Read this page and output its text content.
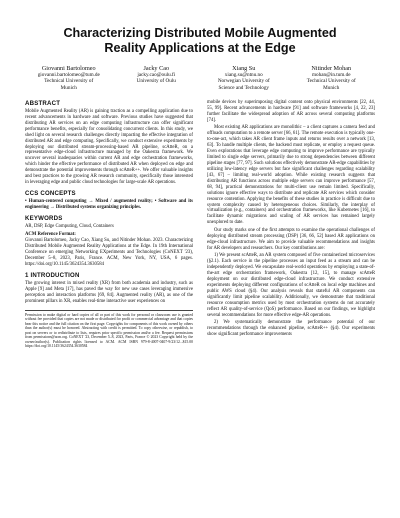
Characterizing Distributed Mobile Augmented Reality Applications at the Edge
Giovanni Bartolomeo
giovanni.bartolomeo@tum.de
Technical University of
Munich
Jacky Cao
jacky.cao@oulu.fi
University of Oulu
Xiang Su
xiang.su@ntnu.no
Norwegian University of
Science and Technology
Nitinder Mohan
mohan@in.tum.de
Technical University of
Munich
ABSTRACT

Mobile Augmented Reality (AR) is gaining traction as a compelling application due to recent advancements in hardware and software. Previous studies have suggested that distributing AR services on an edge computing infrastructure can offer significant performance benefits, especially for consolidating concurrent clients. In this study, we shed light on several research challenges directly impacting the effective integration of distributed AR and edge computing. Specifically, we conduct extensive experiments by deploying our distributed stream-processing-based AR pipeline, scAtteR, on a representative edge-cloud infrastructure managed by the Oakestra framework. We uncover several inadequacies within current AR and edge orchestration frameworks, which hinder the effective performance of distributed AR when deployed on edge and demonstrate the potential improvements through scAtteR++. We offer valuable insights and best practices to the growing AR research community, specifically those interested in leveraging edge and public cloud technologies for large-scale AR operations.

CCS CONCEPTS

• Human-centered computing → Mixed / augmented reality; • Software and its engineering → Distributed systems organizing principles.

KEYWORDS

AR, DSP, Edge Computing, Cloud, Containers

ACM Reference Format:

Giovanni Bartolomeo, Jacky Cao, Xiang Su, and Nitinder Mohan. 2023. Characterizing Distributed Mobile Augmented Reality Applications at the Edge. In 19th International Conference on emerging Networking EXperiments and Technologies (CoNEXT '23), December 5–8, 2023, Paris, France. ACM, New York, NY, USA, 6 pages. https://doi.org/10.1145/3624354.3630584

1 INTRODUCTION

The growing interest in mixed reality (XR) from both academia and industry, such as Apple [9] and Meta [17], has paved the way for new use cases leveraging immersive perception and interaction platforms [69, 84]. Augmented reality (AR), as one of the prominent pillars in XR, enables real-time interactive user experiences on

Permission to make digital or hard copies of all or part of this work for personal or classroom use is granted without fee provided that copies are not made or distributed for profit or commercial advantage and that copies bear this notice and the full citation on the first page. Copyrights for components of this work owned by others than the author(s) must be honored. Abstracting with credit is permitted. To copy otherwise, or republish, to post on servers or to redistribute to lists, requires prior specific permission and/or a fee. Request permissions from permissions@acm.org. CoNEXT '23, December 5–8, 2023, Paris, France © 2023 Copyright held by the owner/author(s). Publication rights licensed to ACM. ACM ISBN 979-8-4007-0407-9/23/12...$15.00 https://doi.org/10.1145/3624354.3630584

mobile devices by superimposing digital content onto physical environments [22, 44, 55, 99]. Recent advancements in hardware [91] and software frameworks [4, 22, 23] further facilitate the widespread adoption of AR across several computing platforms [74].

Most existing AR applications are monolithic – a client captures a camera feed and offloads computation to a remote server [66, 61]. The remote execution is typically one-to-one-act, which takes AR client frame inputs and returns results over a network [13, 63]. To handle multiple clients, the backend must replicate, or employ a request queue. Even explorations that leverage edge computing to improve performance are typically limited to single edge servers, primarily due to strong dependencies between different pipeline stages [77, 97]. Such solutions effectively demonstrate AR-edge capabilities by utilizing low-latency edge servers but face significant challenges regarding scalability [43, 67] – limiting real-world adoption. While existing research suggests that distributing AR functions across multiple edge servers can improve performance [57, 68, 94], practical demonstrations for multi-client use remain limited. Specifically, solutions ignore effective ways to distribute and replicate AR services which consider resource contention. Applying the benefits of these studies in practice is difficult due to system complexity caused by heterogeneous choices. Similarly, the interplay of virtualization (e.g., containers) and orchestration frameworks, like Kubernetes [16], to facilitate dynamic migrations and scaling of AR services has remained largely unexplored to date.

Our study marks one of the first attempts to examine the operational challenges of deploying distributed stream processing (DSP) [36, 66, 52] based AR applications on edge-cloud infrastructure. We aim to provide valuable recommendations and insights for AR developers and researchers. Our key contributions are:

1) We present scAtteR, an AR system composed of five containerized microservices (§2.1). Each service in the pipeline processes an input feed as a stream and can be independently deployed. We encapsulate real-world operations by employing a state-of-the-art edge orchestration framework, Oakestra [12, 15], to manage scAtteR deployment on our distributed edge-cloud infrastructure. We conduct extensive experiments deploying different configurations of scAtteR on local edge machines and public AWS cloud (§4). Our analysis reveals that stateful AR components can significantly limit pipeline scalability. Additionally, we demonstrate that traditional resource consumption metrics used by most orchestration systems do not accurately reflect AR quality-of-service (QoS) performance. Based on our findings, we highlight several recommendations for more effective edge-AR operations.

2) We systematically demonstrate the performance potential of our recommendations through the enhanced pipeline, scAtteR++ (§4). Our experiments show significant performance improvements
